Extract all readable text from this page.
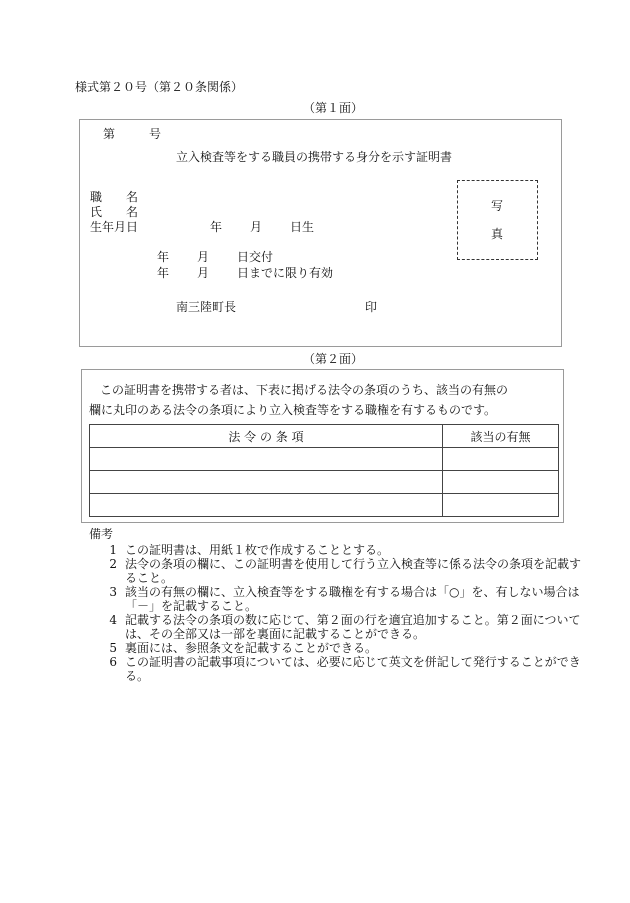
様式第２０号（第２０条関係）
（第１面）
第	号
立入検査等をする職員の携帯する身分を示す証明書
職　　名
氏　　名
生年月日	年 月 日生
年 月 日交付
年 月 日までに限り有効
南三陸町長	印
写
真
（第２面）
この証明書を携帯する者は、下表に掲げる法令の条項のうち、該当の有無の
欄に丸印のある法令の条項により立入検査等をする職権を有するものです。
法 令 の 条 項	該当の有無

備考
1 この証明書は、用紙１枚で作成することとする。
2 法令の条項の欄に、この証明書を使用して行う立入検査等に係る法令の条項を記載すること。
3 該当の有無の欄に、立入検査等をする職権を有する場合は「○」を、有しない場合は「－」を記載すること。
4 記載する法令の条項の数に応じて、第２面の行を適宜追加すること。第２面については、その全部又は一部を裏面に記載することができる。
5 裏面には、参照条文を記載することができる。
6 この証明書の記載事項については、必要に応じて英文を併記して発行することができる。
